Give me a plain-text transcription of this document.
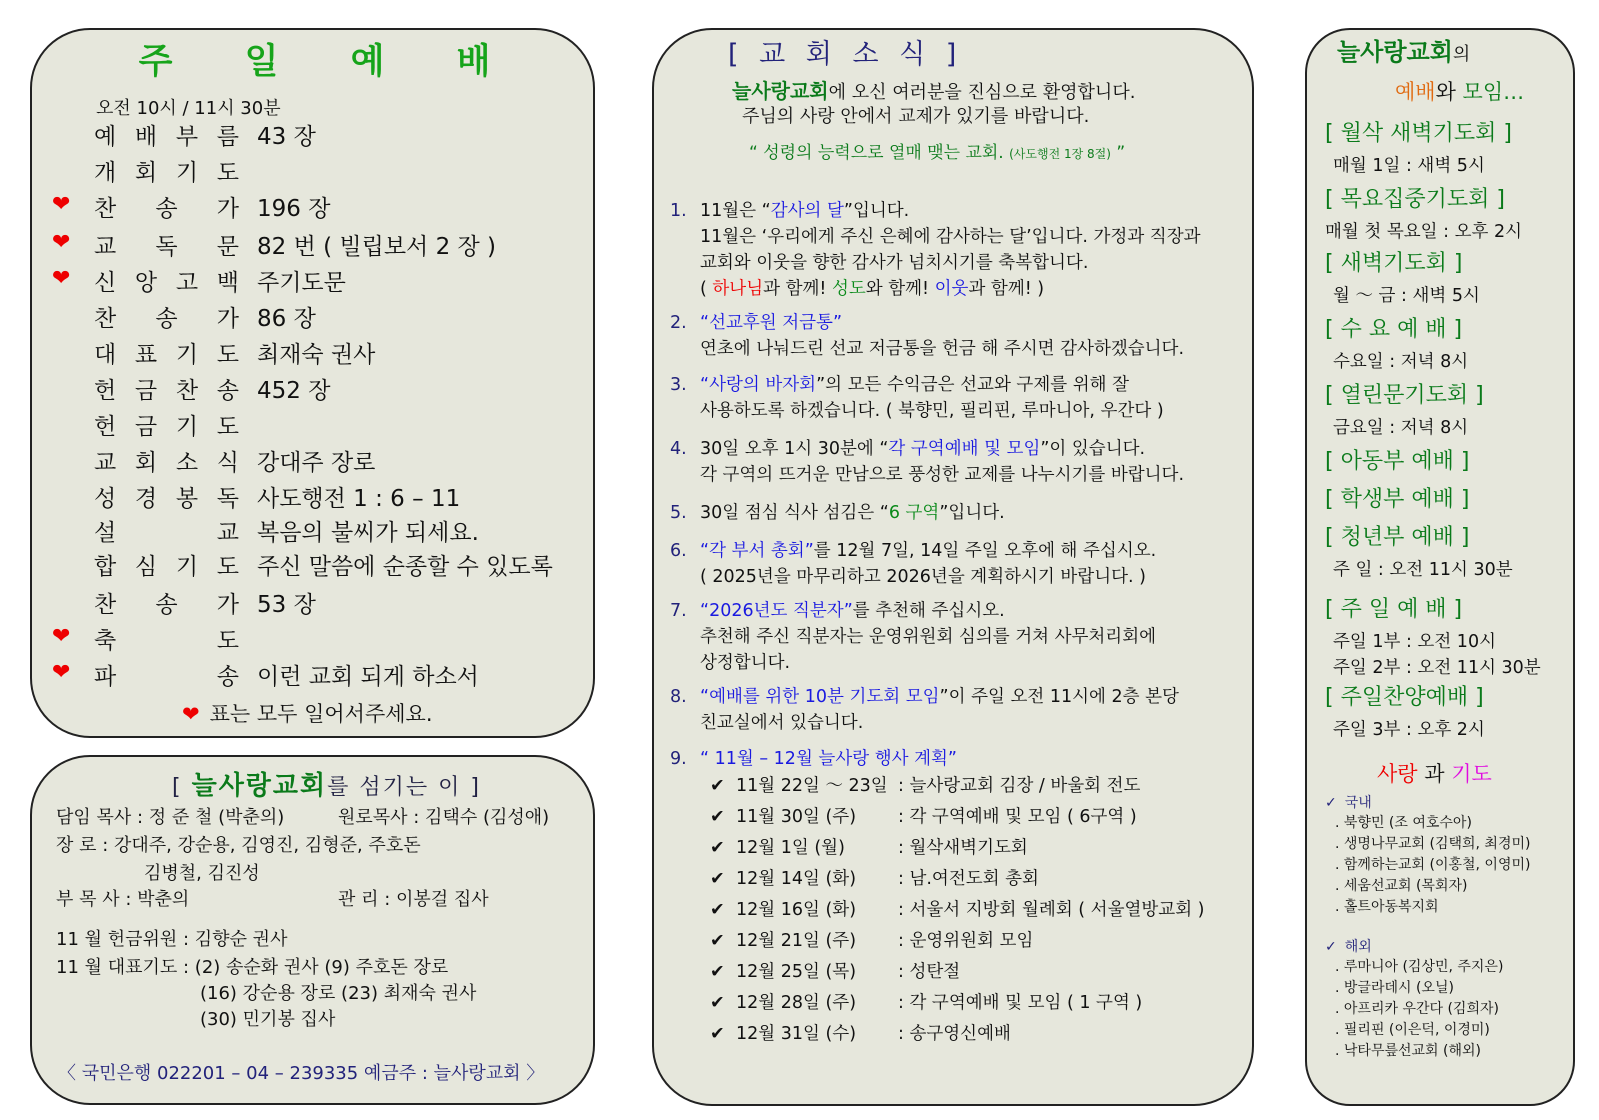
주 일 예 배
오전 10시 / 11시 30분
예 배 부 름 43 장
개 회 기 도
❤ 찬 송 가 196 장
❤ 교 독 문 82 번 ( 빌립보서 2 장 )
❤ 신 앙 고 백 주기도문
찬 송 가 86 장
대 표 기 도 최재숙 권사
헌 금 찬 송 452 장
헌 금 기 도
교 회 소 식 강대주 장로
성 경 봉 독 사도행전 1 : 6 – 11
설	교 복음의 불씨가 되세요.
합 심 기 도 주신 말씀에 순종할 수 있도록
찬 송 가 53 장
❤ 축	도
❤ 파	송 이런 교회 되게 하소서
❤ 표는 모두 일어서주세요.
[ 늘사랑교회를 섬기는 이 ]
담임 목사 : 정 준 철 (박춘의)	원로목사 : 김택수 (김성애)
장 로 : 강대주, 강순용, 김영진, 김형준, 주호돈
김병철, 김진성
부 목 사 : 박춘의	관 리 : 이봉걸 집사
11 월 헌금위원 : 김향순 권사
11 월 대표기도 : (2) 송순화 권사 (9) 주호돈 장로
(16) 강순용 장로 (23) 최재숙 권사
(30) 민기봉 집사
〈 국민은행 022201 – 04 – 239335 예금주 : 늘사랑교회 〉
[ 교 회 소 식 ]
늘사랑교회에 오신 여러분을 진심으로 환영합니다.
주님의 사랑 안에서 교제가 있기를 바랍니다.
“ 성령의 능력으로 열매 맺는 교회. (사도행전 1장 8절) ”
1. 11월은 “감사의 달”입니다.
11월은 ‘우리에게 주신 은혜에 감사하는 달’입니다. 가정과 직장과
교회와 이웃을 향한 감사가 넘치시기를 축복합니다.
( 하나님과 함께! 성도와 함께! 이웃과 함께! )
2. “선교후원 저금통”
연초에 나눠드린 선교 저금통을 헌금 해 주시면 감사하겠습니다.
3. “사랑의 바자회”의 모든 수익금은 선교와 구제를 위해 잘
사용하도록 하겠습니다. ( 북향민, 필리핀, 루마니아, 우간다 )
4. 30일 오후 1시 30분에 “각 구역예배 및 모임”이 있습니다.
각 구역의 뜨거운 만남으로 풍성한 교제를 나누시기를 바랍니다.
5. 30일 점심 식사 섬김은 “6 구역”입니다.
6. “각 부서 총회”를 12월 7일, 14일 주일 오후에 해 주십시오.
( 2025년을 마무리하고 2026년을 계획하시기 바랍니다. )
7. “2026년도 직분자”를 추천해 주십시오.
추천해 주신 직분자는 운영위원회 심의를 거쳐 사무처리회에
상정합니다.
8. “예배를 위한 10분 기도회 모임”이 주일 오전 11시에 2층 본당
친교실에서 있습니다.
9. “ 11월 – 12월 늘사랑 행사 계획”
✔ 11월 22일 ～ 23일 : 늘사랑교회 김장 / 바울회 전도
✔ 11월 30일 (주) : 각 구역예배 및 모임 ( 6구역 )
✔ 12월 1일 (월)	: 월삭새벽기도회
✔ 12월 14일 (화) : 남.여전도회 총회
✔ 12월 16일 (화) : 서울서 지방회 월례회 ( 서울열방교회 )
✔ 12월 21일 (주) : 운영위원회 모임
✔ 12월 25일 (목) : 성탄절
✔ 12월 28일 (주) : 각 구역예배 및 모임 ( 1 구역 )
✔ 12월 31일 (수) : 송구영신예배
늘사랑교회의
예배와 모임…
[ 월삭 새벽기도회 ]
매월 1일 : 새벽 5시
[ 목요집중기도회 ]
매월 첫 목요일 : 오후 2시
[ 새벽기도회 ]
월 ～ 금 : 새벽 5시
[ 수 요 예 배 ]
수요일 : 저녁 8시
[ 열린문기도회 ]
금요일 : 저녁 8시
[ 아동부 예배 ]
[ 학생부 예배 ]
[ 청년부 예배 ]
주 일 : 오전 11시 30분
[ 주 일 예 배 ]
주일 1부 : 오전 10시
주일 2부 : 오전 11시 30분
[ 주일찬양예배 ]
주일 3부 : 오후 2시
사랑 과 기도
✓ 국내
. 북향민 (조 여호수아)
. 생명나무교회 (김택희, 최경미)
. 함께하는교회 (이홍철, 이영미)
. 세움선교회 (목회자)
. 홀트아동복지회
✓ 해외
. 루마니아 (김상민, 주지은)
. 방글라데시 (오닐)
. 아프리카 우간다 (김희자)
. 필리핀 (이은덕, 이경미)
. 낙타무릎선교회 (해외)
